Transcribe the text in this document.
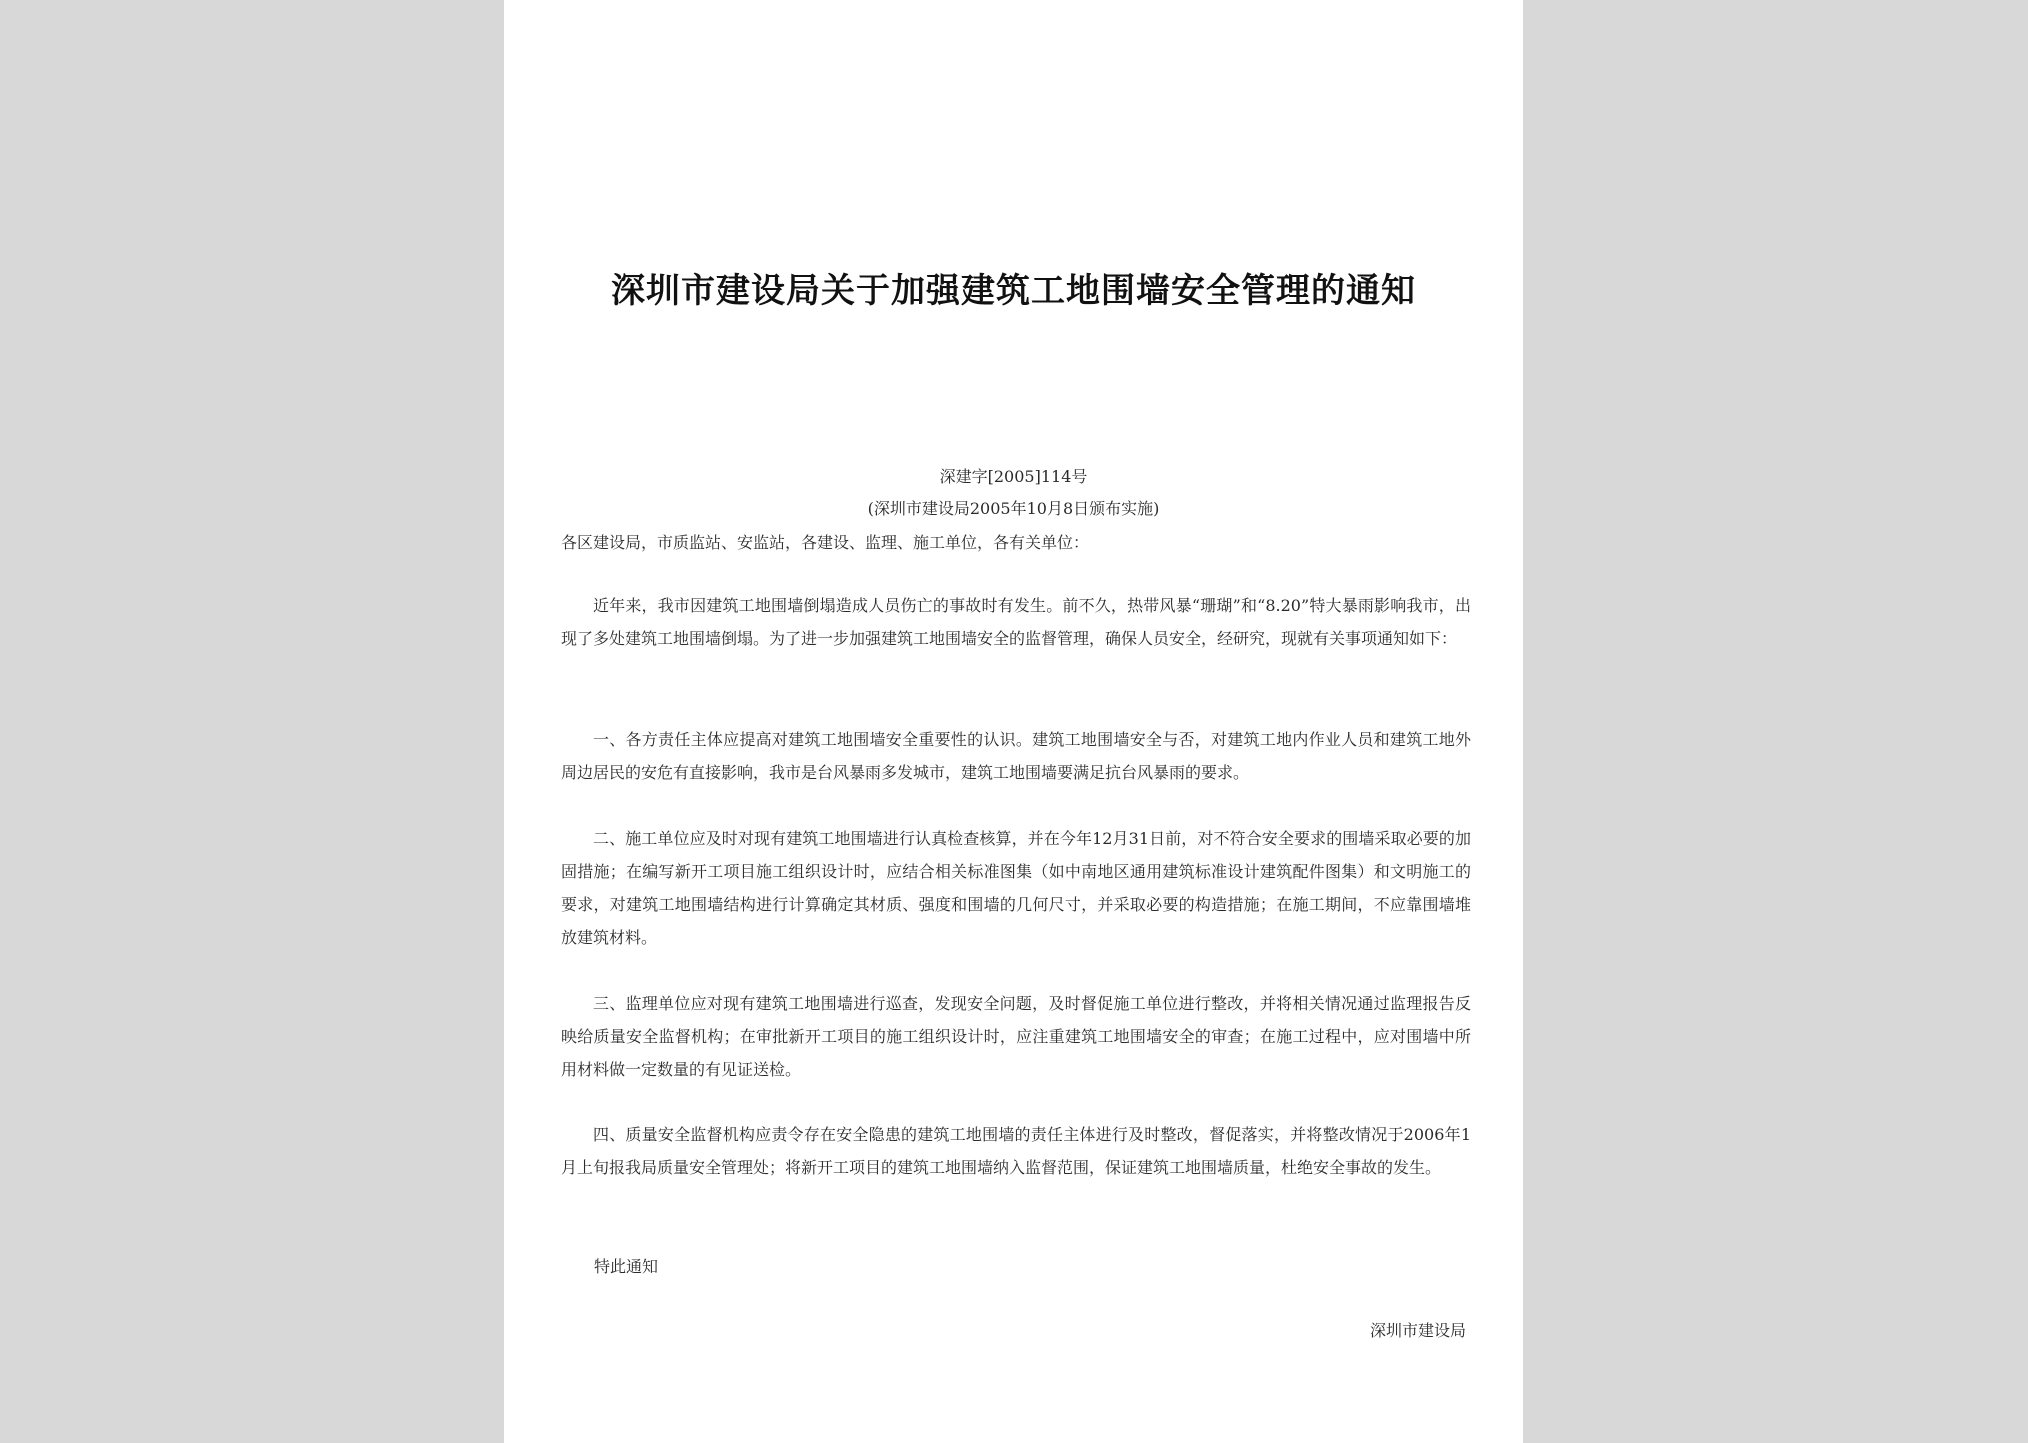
深圳市建设局关于加强建筑工地围墙安全管理的通知

深建字[2005]114号

(深圳市建设局2005年10月8日颁布实施)

各区建设局，市质监站、安监站，各建设、监理、施工单位，各有关单位：

近年来，我市因建筑工地围墙倒塌造成人员伤亡的事故时有发生。前不久，热带风暴“珊瑚”和“8.20”特大暴雨影响我市，出现了多处建筑工地围墙倒塌。为了进一步加强建筑工地围墙安全的监督管理，确保人员安全，经研究，现就有关事项通知如下：

一、各方责任主体应提高对建筑工地围墙安全重要性的认识。建筑工地围墙安全与否，对建筑工地内作业人员和建筑工地外周边居民的安危有直接影响，我市是台风暴雨多发城市，建筑工地围墙要满足抗台风暴雨的要求。

二、施工单位应及时对现有建筑工地围墙进行认真检查核算，并在今年12月31日前，对不符合安全要求的围墙采取必要的加固措施；在编写新开工项目施工组织设计时，应结合相关标准图集（如中南地区通用建筑标准设计建筑配件图集）和文明施工的要求，对建筑工地围墙结构进行计算确定其材质、强度和围墙的几何尺寸，并采取必要的构造措施；在施工期间，不应靠围墙堆放建筑材料。

三、监理单位应对现有建筑工地围墙进行巡查，发现安全问题，及时督促施工单位进行整改，并将相关情况通过监理报告反映给质量安全监督机构；在审批新开工项目的施工组织设计时，应注重建筑工地围墙安全的审查；在施工过程中，应对围墙中所用材料做一定数量的有见证送检。

四、质量安全监督机构应责令存在安全隐患的建筑工地围墙的责任主体进行及时整改，督促落实，并将整改情况于2006年1月上旬报我局质量安全管理处；将新开工项目的建筑工地围墙纳入监督范围，保证建筑工地围墙质量，杜绝安全事故的发生。

特此通知

深圳市建设局
